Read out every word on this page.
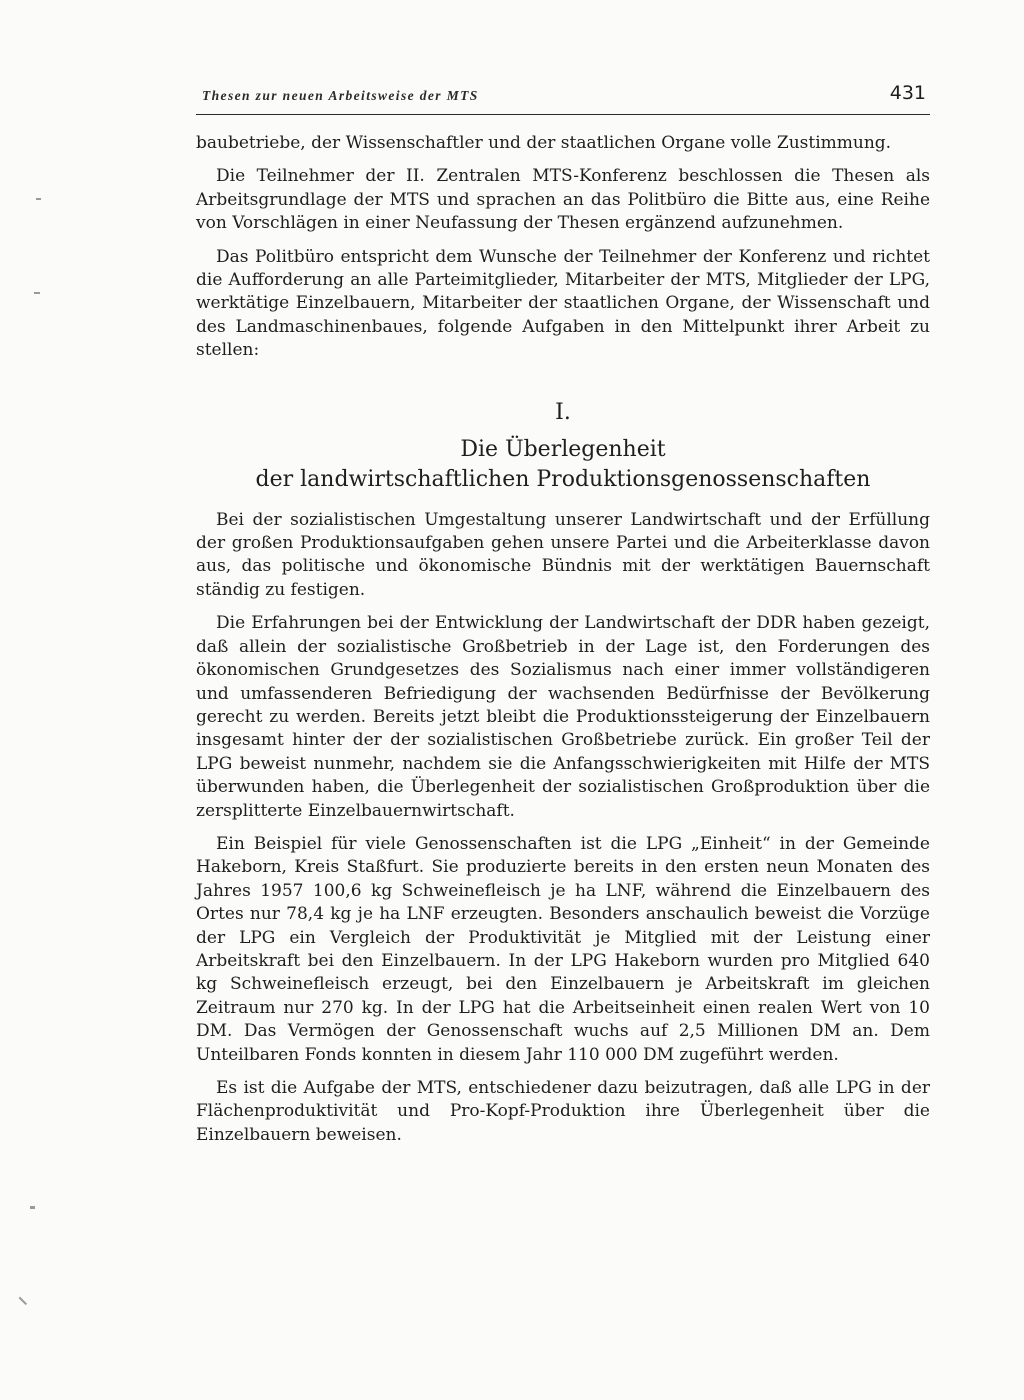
Thesen zur neuen Arbeitsweise der MTS	431

baubetriebe, der Wissenschaftler und der staatlichen Organe volle Zustimmung.

Die Teilnehmer der II. Zentralen MTS-Konferenz beschlossen die Thesen als Arbeitsgrundlage der MTS und sprachen an das Politbüro die Bitte aus, eine Reihe von Vorschlägen in einer Neufassung der Thesen ergänzend aufzunehmen.

Das Politbüro entspricht dem Wunsche der Teilnehmer der Konferenz und richtet die Aufforderung an alle Parteimitglieder, Mitarbeiter der MTS, Mitglieder der LPG, werktätige Einzelbauern, Mitarbeiter der staatlichen Organe, der Wissenschaft und des Landmaschinenbaues, folgende Aufgaben in den Mittelpunkt ihrer Arbeit zu stellen:

I.
Die Überlegenheit
der landwirtschaftlichen Produktionsgenossenschaften

Bei der sozialistischen Umgestaltung unserer Landwirtschaft und der Erfüllung der großen Produktionsaufgaben gehen unsere Partei und die Arbeiterklasse davon aus, das politische und ökonomische Bündnis mit der werktätigen Bauernschaft ständig zu festigen.

Die Erfahrungen bei der Entwicklung der Landwirtschaft der DDR haben gezeigt, daß allein der sozialistische Großbetrieb in der Lage ist, den Forderungen des ökonomischen Grundgesetzes des Sozialismus nach einer immer vollständigeren und umfassenderen Befriedigung der wachsenden Bedürfnisse der Bevölkerung gerecht zu werden. Bereits jetzt bleibt die Produktionssteigerung der Einzelbauern insgesamt hinter der der sozialistischen Großbetriebe zurück. Ein großer Teil der LPG beweist nunmehr, nachdem sie die Anfangsschwierigkeiten mit Hilfe der MTS überwunden haben, die Überlegenheit der sozialistischen Großproduktion über die zersplitterte Einzelbauernwirtschaft.

Ein Beispiel für viele Genossenschaften ist die LPG „Einheit“ in der Gemeinde Hakeborn, Kreis Staßfurt. Sie produzierte bereits in den ersten neun Monaten des Jahres 1957 100,6 kg Schweinefleisch je ha LNF, während die Einzelbauern des Ortes nur 78,4 kg je ha LNF erzeugten. Besonders anschaulich beweist die Vorzüge der LPG ein Vergleich der Produktivität je Mitglied mit der Leistung einer Arbeitskraft bei den Einzelbauern. In der LPG Hakeborn wurden pro Mitglied 640 kg Schweinefleisch erzeugt, bei den Einzelbauern je Arbeitskraft im gleichen Zeitraum nur 270 kg. In der LPG hat die Arbeitseinheit einen realen Wert von 10 DM. Das Vermögen der Genossenschaft wuchs auf 2,5 Millionen DM an. Dem Unteilbaren Fonds konnten in diesem Jahr 110 000 DM zugeführt werden.

Es ist die Aufgabe der MTS, entschiedener dazu beizutragen, daß alle LPG in der Flächenproduktivität und Pro-Kopf-Produktion ihre Überlegenheit über die Einzelbauern beweisen.
